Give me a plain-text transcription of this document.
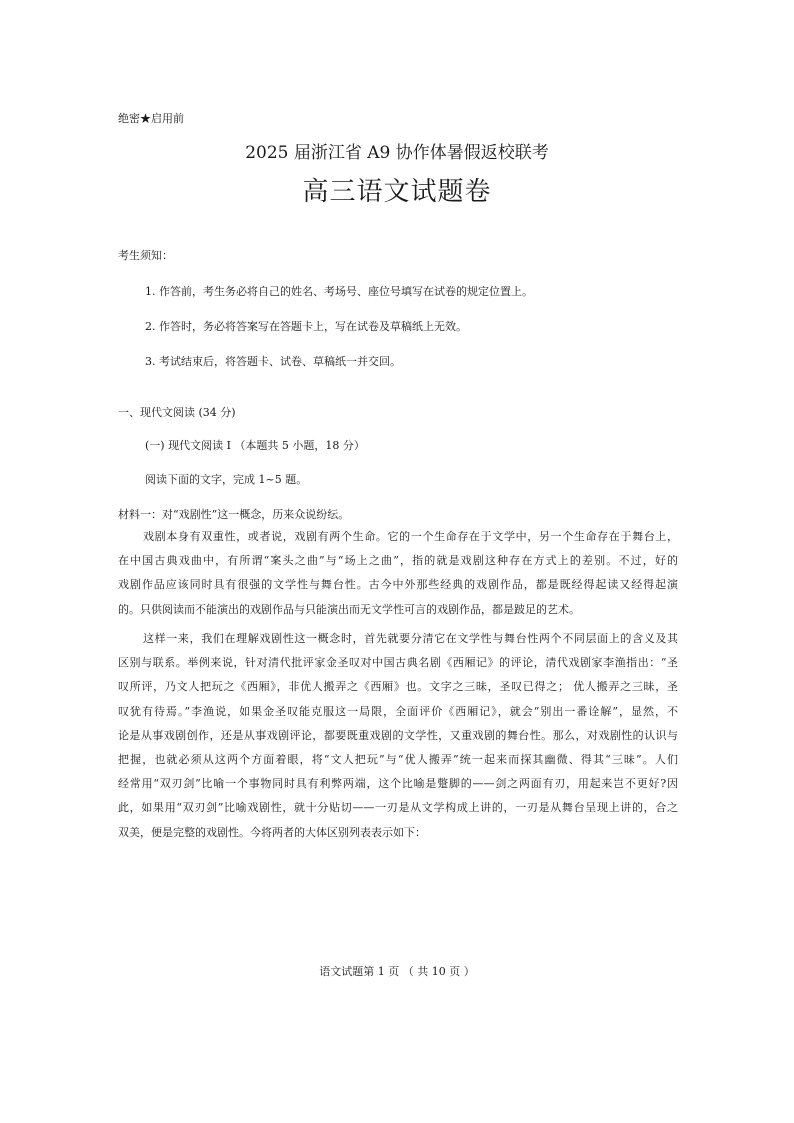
绝密★启用前
2025 届浙江省 A9 协作体暑假返校联考
高三语文试题卷
考生须知：
1. 作答前，考生务必将自己的姓名、考场号、座位号填写在试卷的规定位置上。
2. 作答时，务必将答案写在答题卡上，写在试卷及草稿纸上无效。
3. 考试结束后，将答题卡、试卷、草稿纸一并交回。
一、现代文阅读 (34 分)
(一) 现代文阅读 I （本题共 5 小题，18 分）
阅读下面的文字，完成 1~5 题。
材料一：对“戏剧性”这一概念，历来众说纷纭。
戏剧本身有双重性，或者说，戏剧有两个生命。它的一个生命存在于文学中，另一个生命存在于舞台上，
在中国古典戏曲中，有所谓“案头之曲”与“场上之曲”，指的就是戏剧这种存在方式上的差别。不过，好的
戏剧作品应该同时具有很强的文学性与舞台性。古今中外那些经典的戏剧作品，都是既经得起读又经得起演
的。只供阅读而不能演出的戏剧作品与只能演出而无文学性可言的戏剧作品，都是跛足的艺术。
这样一来，我们在理解戏剧性这一概念时，首先就要分清它在文学性与舞台性两个不同层面上的含义及其
区别与联系。举例来说，针对清代批评家金圣叹对中国古典名剧《西厢记》的评论，清代戏剧家李渔指出：“圣
叹所评，乃文人把玩之《西厢》，非优人搬弄之《西厢》也。文字之三昧，圣叹已得之； 优人搬弄之三昧，圣
叹犹有待焉。”李渔说，如果金圣叹能克服这一局限，全面评价《西厢记》，就会“别出一番诠解”，显然，不
论是从事戏剧创作，还是从事戏剧评论，都要既重戏剧的文学性，又重戏剧的舞台性。那么，对戏剧性的认识与
把握，也就必须从这两个方面着眼，将“文人把玩”与“优人搬弄”统一起来而探其幽微、得其“三昧”。人们
经常用“双刃剑”比喻一个事物同时具有利弊两端，这个比喻是蹩脚的——剑之两面有刃，用起来岂不更好?因
此，如果用“双刃剑”比喻戏剧性，就十分贴切——一刃是从文学构成上讲的，一刃是从舞台呈现上讲的，合之
双美，便是完整的戏剧性。今将两者的大体区别列表表示如下：
语文试题第 1 页 （ 共 10 页 ）
